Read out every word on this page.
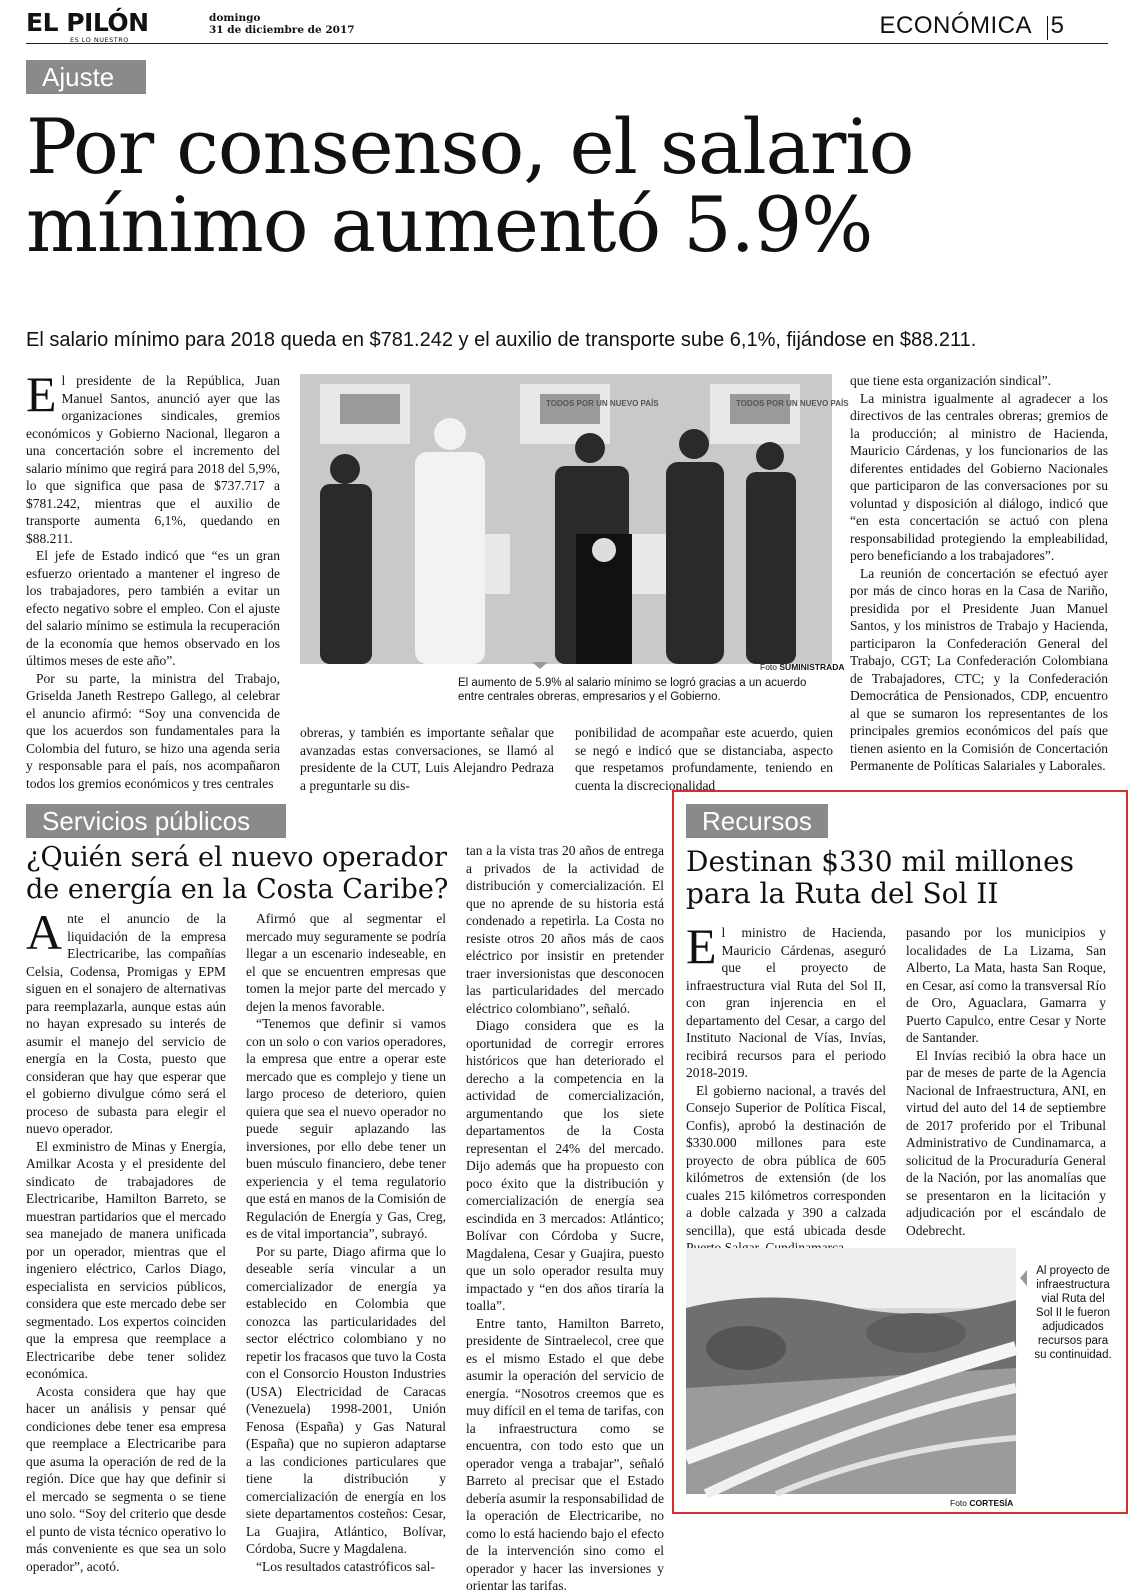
EL PILÓN
ES LO NUESTRO
domingo
31 de diciembre de 2017	ECONÓMICA 5
Ajuste
Por consenso, el salario
mínimo aumentó 5.9%
El salario mínimo para 2018 queda en $781.242 y el auxilio de transporte sube 6,1%, fijándose en $88.211.

El presidente de la República, Juan Manuel Santos, anunció ayer que las organizaciones sindicales, gremios económicos y Gobierno Nacional, llegaron a una concertación sobre el incremento del salario mínimo que regirá para 2018 del 5,9%, lo que significa que pasa de $737.717 a $781.242, mientras que el auxilio de transporte aumenta 6,1%, quedando en $88.211.

El jefe de Estado indicó que “es un gran esfuerzo orientado a mantener el ingreso de los trabajadores, pero también a evitar un efecto negativo sobre el empleo. Con el ajuste del salario mínimo se estimula la recuperación de la economía que hemos observado en los últimos meses de este año”.

Por su parte, la ministra del Trabajo, Griselda Janeth Restrepo Gallego, al celebrar el anuncio afirmó: “Soy una convencida de que los acuerdos son fundamentales para la Colombia del futuro, se hizo una agenda seria y responsable para el país, nos acompañaron todos los gremios económicos y tres centrales

TODOS POR UN NUEVO PAÍS	TODOS POR UN NUEVO PAÍS
Foto SUMINISTRADA
El aumento de 5.9% al salario mínimo se logró gracias a un acuerdo entre centrales obreras, empresarios y el Gobierno.

obreras, y también es importante señalar que avanzadas estas conversaciones, se llamó al presidente de la CUT, Luis Alejandro Pedraza a preguntarle su dis-

ponibilidad de acompañar este acuerdo, quien se negó e indicó que se distanciaba, aspecto que respetamos profundamente, teniendo en cuenta la discrecionalidad

que tiene esta organización sindical”.

La ministra igualmente al agradecer a los directivos de las centrales obreras; gremios de la producción; al ministro de Hacienda, Mauricio Cárdenas, y los funcionarios de las diferentes entidades del Gobierno Nacionales que participaron de las conversaciones por su voluntad y disposición al diálogo, indicó que “en esta concertación se actuó con plena responsabilidad protegiendo la empleabilidad, pero beneficiando a los trabajadores”.

La reunión de concertación se efectuó ayer por más de cinco horas en la Casa de Nariño, presidida por el Presidente Juan Manuel Santos, y los ministros de Trabajo y Hacienda, participaron la Confederación General del Trabajo, CGT; La Confederación Colombiana de Trabajadores, CTC; y la Confederación Democrática de Pensionados, CDP, encuentro al que se sumaron los representantes de los principales gremios económicos del país que tienen asiento en la Comisión de Concertación Permanente de Políticas Salariales y Laborales.

Servicios públicos
¿Quién será el nuevo operador de energía en la Costa Caribe?

Ante el anuncio de la liquidación de la empresa Electricaribe, las compañías Celsia, Codensa, Promigas y EPM siguen en el sonajero de alternativas para reemplazarla, aunque estas aún no hayan expresado su interés de asumir el manejo del servicio de energía en la Costa, puesto que consideran que hay que esperar que el gobierno divulgue cómo será el proceso de subasta para elegir el nuevo operador.

El exministro de Minas y Energía, Amilkar Acosta y el presidente del sindicato de trabajadores de Electricaribe, Hamilton Barreto, se muestran partidarios que el mercado sea manejado de manera unificada por un operador, mientras que el ingeniero eléctrico, Carlos Diago, especialista en servicios públicos, considera que este mercado debe ser segmentado. Los expertos coinciden que la empresa que reemplace a Electricaribe debe tener solidez económica.

Acosta considera que hay que hacer un análisis y pensar qué condiciones debe tener esa empresa que reemplace a Electricaribe para que asuma la operación de red de la región. Dice que hay que definir si el mercado se segmenta o se tiene uno solo. “Soy del criterio que desde el punto de vista técnico operativo lo más conveniente es que sea un solo operador”, acotó.

Afirmó que al segmentar el mercado muy seguramente se podría llegar a un escenario indeseable, en el que se encuentren empresas que tomen la mejor parte del mercado y dejen la menos favorable.

“Tenemos que definir si vamos con un solo o con varios operadores, la empresa que entre a operar este mercado que es complejo y tiene un largo proceso de deterioro, quien quiera que sea el nuevo operador no puede seguir aplazando las inversiones, por ello debe tener un buen músculo financiero, debe tener experiencia y el tema regulatorio que está en manos de la Comisión de Regulación de Energía y Gas, Creg, es de vital importancia”, subrayó.

Por su parte, Diago afirma que lo deseable sería vincular a un comercializador de energía ya establecido en Colombia que conozca las particularidades del sector eléctrico colombiano y no repetir los fracasos que tuvo la Costa con el Consorcio Houston Industries (USA) Electricidad de Caracas (Venezuela) 1998-2001, Unión Fenosa (España) y Gas Natural (España) que no supieron adaptarse a las condiciones particulares que tiene la distribución y comercialización de energía en los siete departamentos costeños: Cesar, La Guajira, Atlántico, Bolívar, Córdoba, Sucre y Magdalena.

“Los resultados catastróficos sal-

tan a la vista tras 20 años de entrega a privados de la actividad de distribución y comercialización. El que no aprende de su historia está condenado a repetirla. La Costa no resiste otros 20 años más de caos eléctrico por insistir en pretender traer inversionistas que desconocen las particularidades del mercado eléctrico colombiano”, señaló.

Diago considera que es la oportunidad de corregir errores históricos que han deteriorado el derecho a la competencia en la actividad de comercialización, argumentando que los siete departamentos de la Costa representan el 24% del mercado. Dijo además que ha propuesto con poco éxito que la distribución y comercialización de energía sea escindida en 3 mercados: Atlántico; Bolívar con Córdoba y Sucre, Magdalena, Cesar y Guajira, puesto que un solo operador resulta muy impactado y “en dos años tiraría la toalla”.

Entre tanto, Hamilton Barreto, presidente de Sintraelecol, cree que es el mismo Estado el que debe asumir la operación del servicio de energía. “Nosotros creemos que es muy difícil en el tema de tarifas, con la infraestructura como se encuentra, con todo esto que un operador venga a trabajar”, señaló Barreto al precisar que el Estado debería asumir la responsabilidad de la operación de Electricaribe, no como lo está haciendo bajo el efecto de la intervención sino como el operador y hacer las inversiones y orientar las tarifas.

Recursos
Destinan $330 mil millones para la Ruta del Sol II

El ministro de Hacienda, Mauricio Cárdenas, aseguró que el proyecto de infraestructura vial Ruta del Sol II, con gran injerencia en el departamento del Cesar, a cargo del Instituto Nacional de Vías, Invías, recibirá recursos para el periodo 2018-2019.

El gobierno nacional, a través del Consejo Superior de Política Fiscal, Confis), aprobó la destinación de $330.000 millones para este proyecto de obra pública de 605 kilómetros de extensión (de los cuales 215 kilómetros corresponden a doble calzada y 390 a calzada sencilla), que está ubicada desde

pasando por los municipios y localidades de La Lizama, San Alberto, La Mata, hasta San Roque, en Cesar, así como la transversal Río de Oro, Aguaclara, Gamarra y Puerto Capulco, entre Cesar y Norte de Santander.

El Invías recibió la obra hace un par de meses de parte de la Agencia Nacional de Infraestructura, ANI, en virtud del auto del 14 de septiembre de 2017 proferido por el Tribunal Administrativo de Cundinamarca, a solicitud de la Procuraduría General de la Nación, por las anomalías que se presentaron en la licitación y adjudicación por el escándalo de Odebrecht.

Foto CORTESÍA
Al proyecto de infraestructura vial Ruta del Sol II le fueron adjudicados recursos para su continuidad.
